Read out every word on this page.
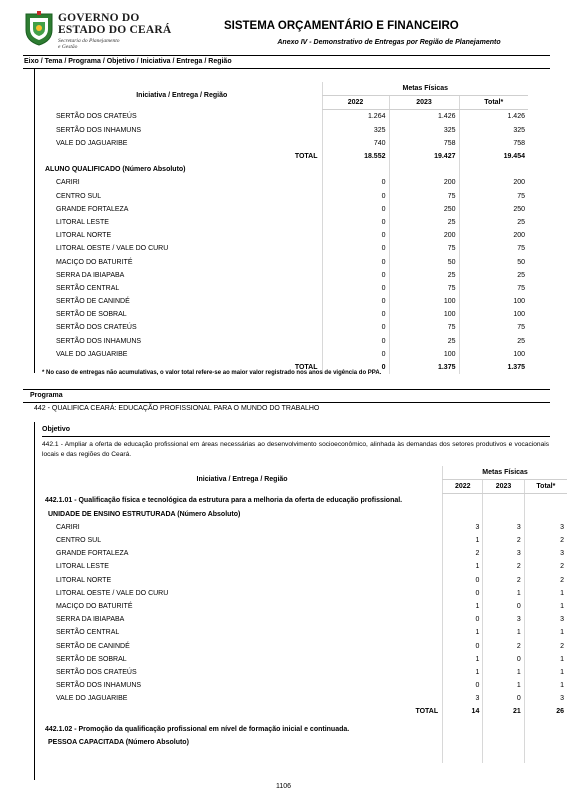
GOVERNO DO
ESTADO DO CEARÁ
Secretaria do Planejamento
e Gestão
SISTEMA ORÇAMENTÁRIO E FINANCEIRO
Anexo IV - Demonstrativo de Entregas por Região de Planejamento
Eixo / Tema / Programa / Objetivo / Iniciativa / Entrega / Região
Iniciativa / Entrega / Região	Metas Físicas		
	2022	2023	Total*
SERTÃO DOS CRATEÚS	1.264	1.426	1.426
SERTÃO DOS INHAMUNS	325	325	325
VALE DO JAGUARIBE	740	758	758
TOTAL	18.552	19.427	19.454
ALUNO QUALIFICADO (Número Absoluto)			
CARIRI	0	200	200
CENTRO SUL	0	75	75
GRANDE FORTALEZA	0	250	250
LITORAL LESTE	0	25	25
LITORAL NORTE	0	200	200
LITORAL OESTE / VALE DO CURU	0	75	75
MACIÇO DO BATURITÉ	0	50	50
SERRA DA IBIAPABA	0	25	25
SERTÃO CENTRAL	0	75	75
SERTÃO DE CANINDÉ	0	100	100
SERTÃO DE SOBRAL	0	100	100
SERTÃO DOS CRATEÚS	0	75	75
SERTÃO DOS INHAMUNS	0	25	25
VALE DO JAGUARIBE	0	100	100
TOTAL	0	1.375	1.375
* No caso de entregas não acumulativas, o valor total refere-se ao maior valor registrado nos anos de vigência do PPA.
Programa
442 - QUALIFICA CEARÁ: EDUCAÇÃO PROFISSIONAL PARA O MUNDO DO TRABALHO
Objetivo
442.1 - Ampliar a oferta de educação profissional em áreas necessárias ao desenvolvimento socioeconômico, alinhada às demandas dos setores produtivos e vocacionais locais e das regiões do Ceará.
Iniciativa / Entrega / Região	Metas Físicas		
	2022	2023	Total*
442.1.01 - Qualificação física e tecnológica da estrutura para a melhoria da oferta de educação profissional.			
UNIDADE DE ENSINO ESTRUTURADA (Número Absoluto)			
CARIRI	3	3	3
CENTRO SUL	1	2	2
GRANDE FORTALEZA	2	3	3
LITORAL LESTE	1	2	2
LITORAL NORTE	0	2	2
LITORAL OESTE / VALE DO CURU	0	1	1
MACIÇO DO BATURITÉ	1	0	1
SERRA DA IBIAPABA	0	3	3
SERTÃO CENTRAL	1	1	1
SERTÃO DE CANINDÉ	0	2	2
SERTÃO DE SOBRAL	1	0	1
SERTÃO DOS CRATEÚS	1	1	1
SERTÃO DOS INHAMUNS	0	1	1
VALE DO JAGUARIBE	3	0	3
TOTAL	14	21	26
442.1.02 - Promoção da qualificação profissional em nível de formação inicial e continuada.			
PESSOA CAPACITADA (Número Absoluto)			

1106
